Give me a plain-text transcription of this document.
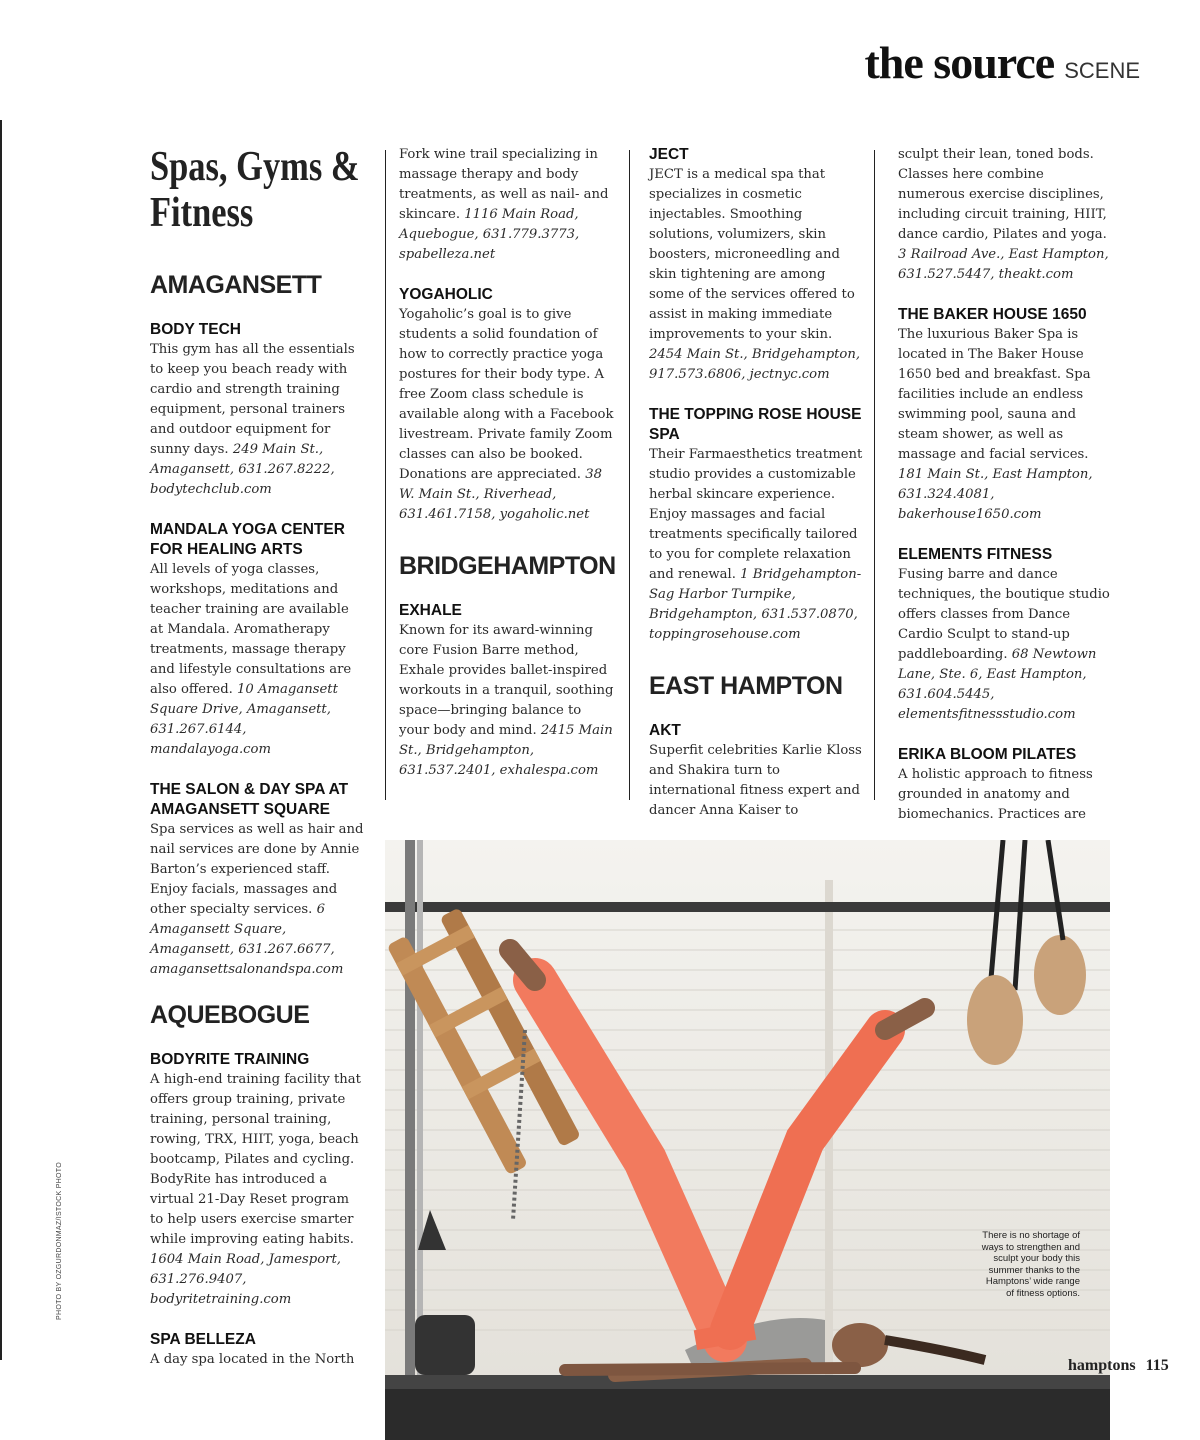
the source SCENE
PHOTO BY OZGURDONMAZ/ISTOCK PHOTO
Spas, Gyms & Fitness
AMAGANSETT
BODY TECH
This gym has all the essentials to keep you beach ready with cardio and strength training equipment, personal trainers and outdoor equipment for sunny days. 249 Main St., Amagansett, 631.267.8222, bodytechclub.com
MANDALA YOGA CENTER FOR HEALING ARTS
All levels of yoga classes, workshops, meditations and teacher training are available at Mandala. Aromatherapy treatments, massage therapy and lifestyle consultations are also offered. 10 Amagansett Square Drive, Amagansett, 631.267.6144, mandalayoga.com
THE SALON & DAY SPA AT AMAGANSETT SQUARE
Spa services as well as hair and nail services are done by Annie Barton’s experienced staff. Enjoy facials, massages and other specialty services. 6 Amagansett Square, Amagansett, 631.267.6677, amagansettsalonandspa.com
AQUEBOGUE
BODYRITE TRAINING
A high-end training facility that offers group training, private training, personal training, rowing, TRX, HIIT, yoga, beach bootcamp, Pilates and cycling. BodyRite has introduced a virtual 21-Day Reset program to help users exercise smarter while improving eating habits. 1604 Main Road, Jamesport, 631.276.9407, bodyritetraining.com
SPA BELLEZA
A day spa located in the North
Fork wine trail specializing in massage therapy and body treatments, as well as nail- and skincare. 1116 Main Road, Aquebogue, 631.779.3773, spabelleza.net
YOGAHOLIC
Yogaholic’s goal is to give students a solid foundation of how to correctly practice yoga postures for their body type. A free Zoom class schedule is available along with a Facebook livestream. Private family Zoom classes can also be booked. Donations are appreciated. 38 W. Main St., Riverhead, 631.461.7158, yogaholic.net
BRIDGEHAMPTON
EXHALE
Known for its award-winning core Fusion Barre method, Exhale provides ballet-inspired workouts in a tranquil, soothing space—bringing balance to your body and mind. 2415 Main St., Bridgehampton, 631.537.2401, exhalespa.com
JECT
JECT is a medical spa that specializes in cosmetic injectables. Smoothing solutions, volumizers, skin boosters, microneedling and skin tightening are among some of the services offered to assist in making immediate improvements to your skin. 2454 Main St., Bridgehampton, 917.573.6806, jectnyc.com
THE TOPPING ROSE HOUSE SPA
Their Farmaesthetics treatment studio provides a customizable herbal skincare experience. Enjoy massages and facial treatments specifically tailored to you for complete relaxation and renewal. 1 Bridgehampton-Sag Harbor Turnpike, Bridgehampton, 631.537.0870, toppingrosehouse.com
EAST HAMPTON
AKT
Superfit celebrities Karlie Kloss and Shakira turn to international fitness expert and dancer Anna Kaiser to
sculpt their lean, toned bods. Classes here combine numerous exercise disciplines, including circuit training, HIIT, dance cardio, Pilates and yoga. 3 Railroad Ave., East Hampton, 631.527.5447, theakt.com
THE BAKER HOUSE 1650
The luxurious Baker Spa is located in The Baker House 1650 bed and breakfast. Spa facilities include an endless swimming pool, sauna and steam shower, as well as massage and facial services. 181 Main St., East Hampton, 631.324.4081, bakerhouse1650.com
ELEMENTS FITNESS
Fusing barre and dance techniques, the boutique studio offers classes from Dance Cardio Sculpt to stand-up paddleboarding. 68 Newtown Lane, Ste. 6, East Hampton, 631.604.5445, elementsfitnessstudio.com
ERIKA BLOOM PILATES
A holistic approach to fitness grounded in anatomy and biomechanics. Practices are
There is no shortage of ways to strengthen and sculpt your body this summer thanks to the Hamptons’ wide range of fitness options.
hamptons 115
